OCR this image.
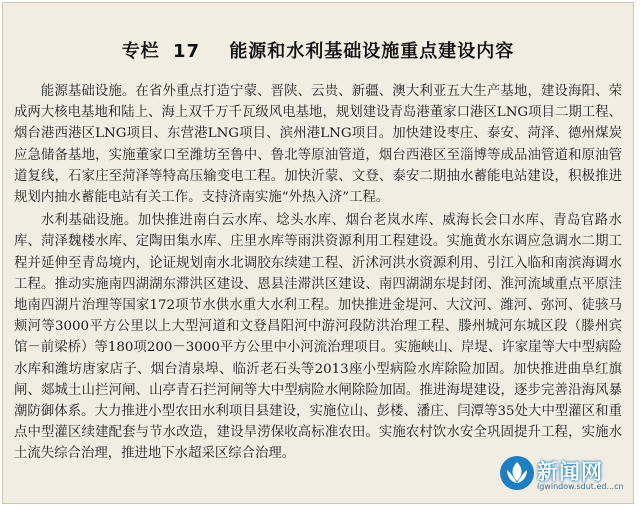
专栏 17 能源和水利基础设施重点建设内容

能源基础设施。在省外重点打造宁蒙、晋陕、云贵、新疆、澳大利亚五大生产基地，建设海阳、荣成两大核电基地和陆上、海上双千万千瓦级风电基地，规划建设青岛港董家口港区LNG项目二期工程、烟台港西港区LNG项目、东营港LNG项目、滨州港LNG项目。加快建设枣庄、泰安、菏泽、德州煤炭应急储备基地，实施董家口至潍坊至鲁中、鲁北等原油管道，烟台西港区至淄博等成品油管道和原油管道复线，石家庄至菏泽等特高压输变电工程。加快沂蒙、文登、泰安二期抽水蓄能电站建设，积极推进规划内抽水蓄能电站有关工作。支持济南实施“外热入济”工程。

水利基础设施。加快推进南白云水库、埝头水库、烟台老岚水库、威海长会口水库、青岛官路水库、菏泽魏楼水库、定陶田集水库、庄里水库等雨洪资源利用工程建设。实施黄水东调应急调水二期工程并延伸至青岛境内，论证规划南水北调胶东续建工程、沂沭河洪水资源利用、引江入临和南滨海调水工程。推动实施南四湖湖东滞洪区建设、恩县洼滞洪区建设、南四湖湖东堤封闭、淮河流域重点平原洼地南四湖片治理等国家172项节水供水重大水利工程。加快推进金堤河、大汶河、潍河、弥河、徒骇马颊河等3000平方公里以上大型河道和文登昌阳河中游河段防洪治理工程、滕州城河东城区段（滕州宾馆－前梁桥）等180项200－3000平方公里中小河流治理项目。实施峡山、岸堤、许家崖等大中型病险水库和潍坊唐家店子、烟台清泉埠、临沂老石头等2013座小型病险水库除险加固。加快推进曲阜红旗闸、郯城土山拦河闸、山亭青石拦河闸等大中型病险水闸除险加固。推进海堤建设，逐步完善沿海风暴潮防御体系。大力推进小型农田水利项目县建设，实施位山、彭楼、潘庄、闫潭等35处大中型灌区和重点中型灌区续建配套与节水改造，建设旱涝保收高标准农田。实施农村饮水安全巩固提升工程，实施水土流失综合治理，推进地下水超采区综合治理。

新闻网
lgwindow.sdut.ed...cn
